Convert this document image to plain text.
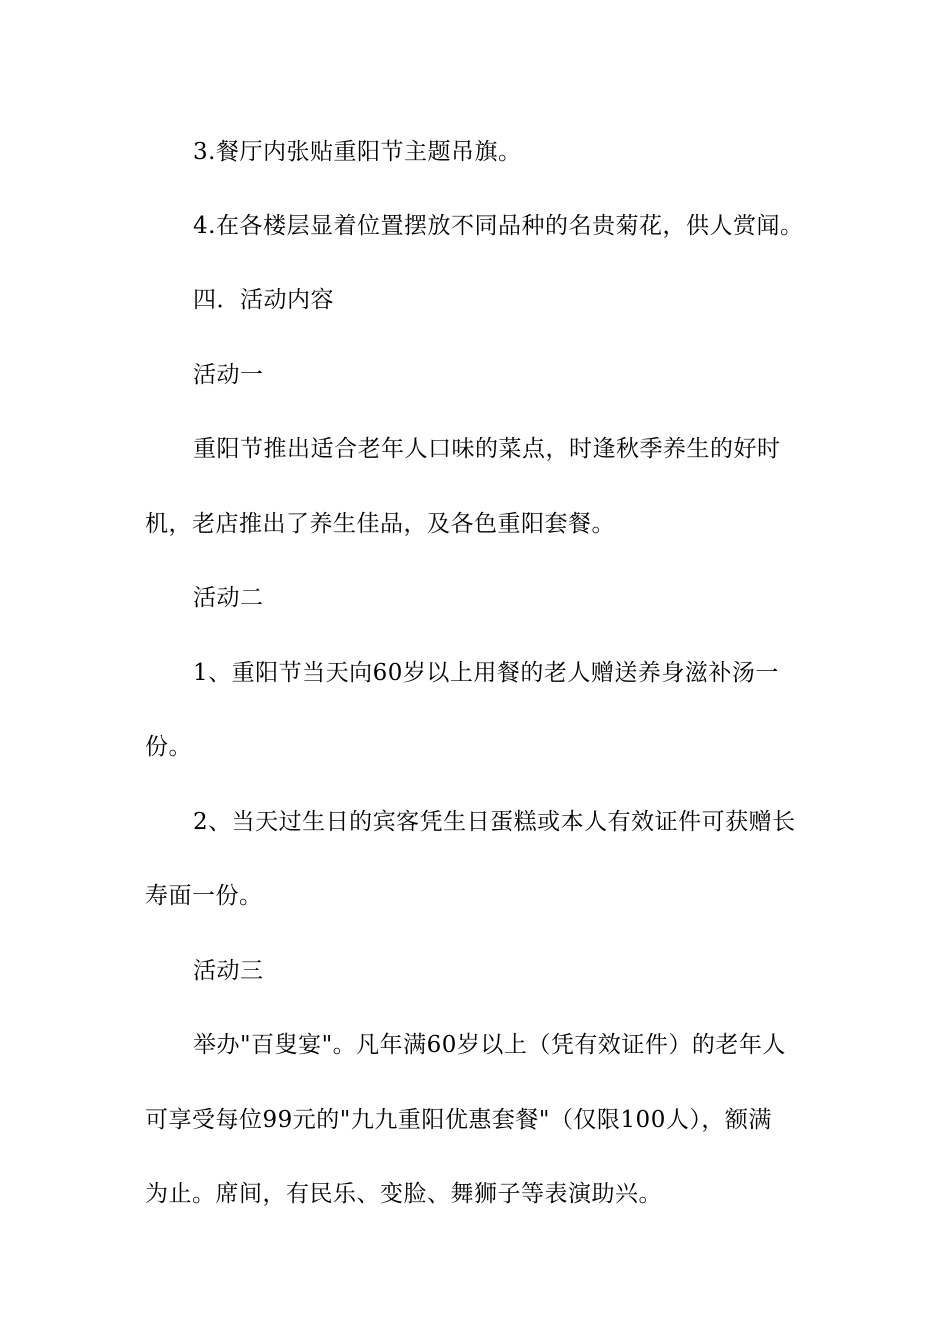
3.餐厅内张贴重阳节主题吊旗。
4.在各楼层显着位置摆放不同品种的名贵菊花，供人赏闻。
四．活动内容
活动一
重阳节推出适合老年人口味的菜点，时逢秋季养生的好时
机，老店推出了养生佳品，及各色重阳套餐。
活动二
1、重阳节当天向60岁以上用餐的老人赠送养身滋补汤一
份。
2、当天过生日的宾客凭生日蛋糕或本人有效证件可获赠长
寿面一份。
活动三
举办"百叟宴"。凡年满60岁以上（凭有效证件）的老年人
可享受每位99元的"九九重阳优惠套餐"（仅限100人），额满
为止。席间，有民乐、变脸、舞狮子等表演助兴。
